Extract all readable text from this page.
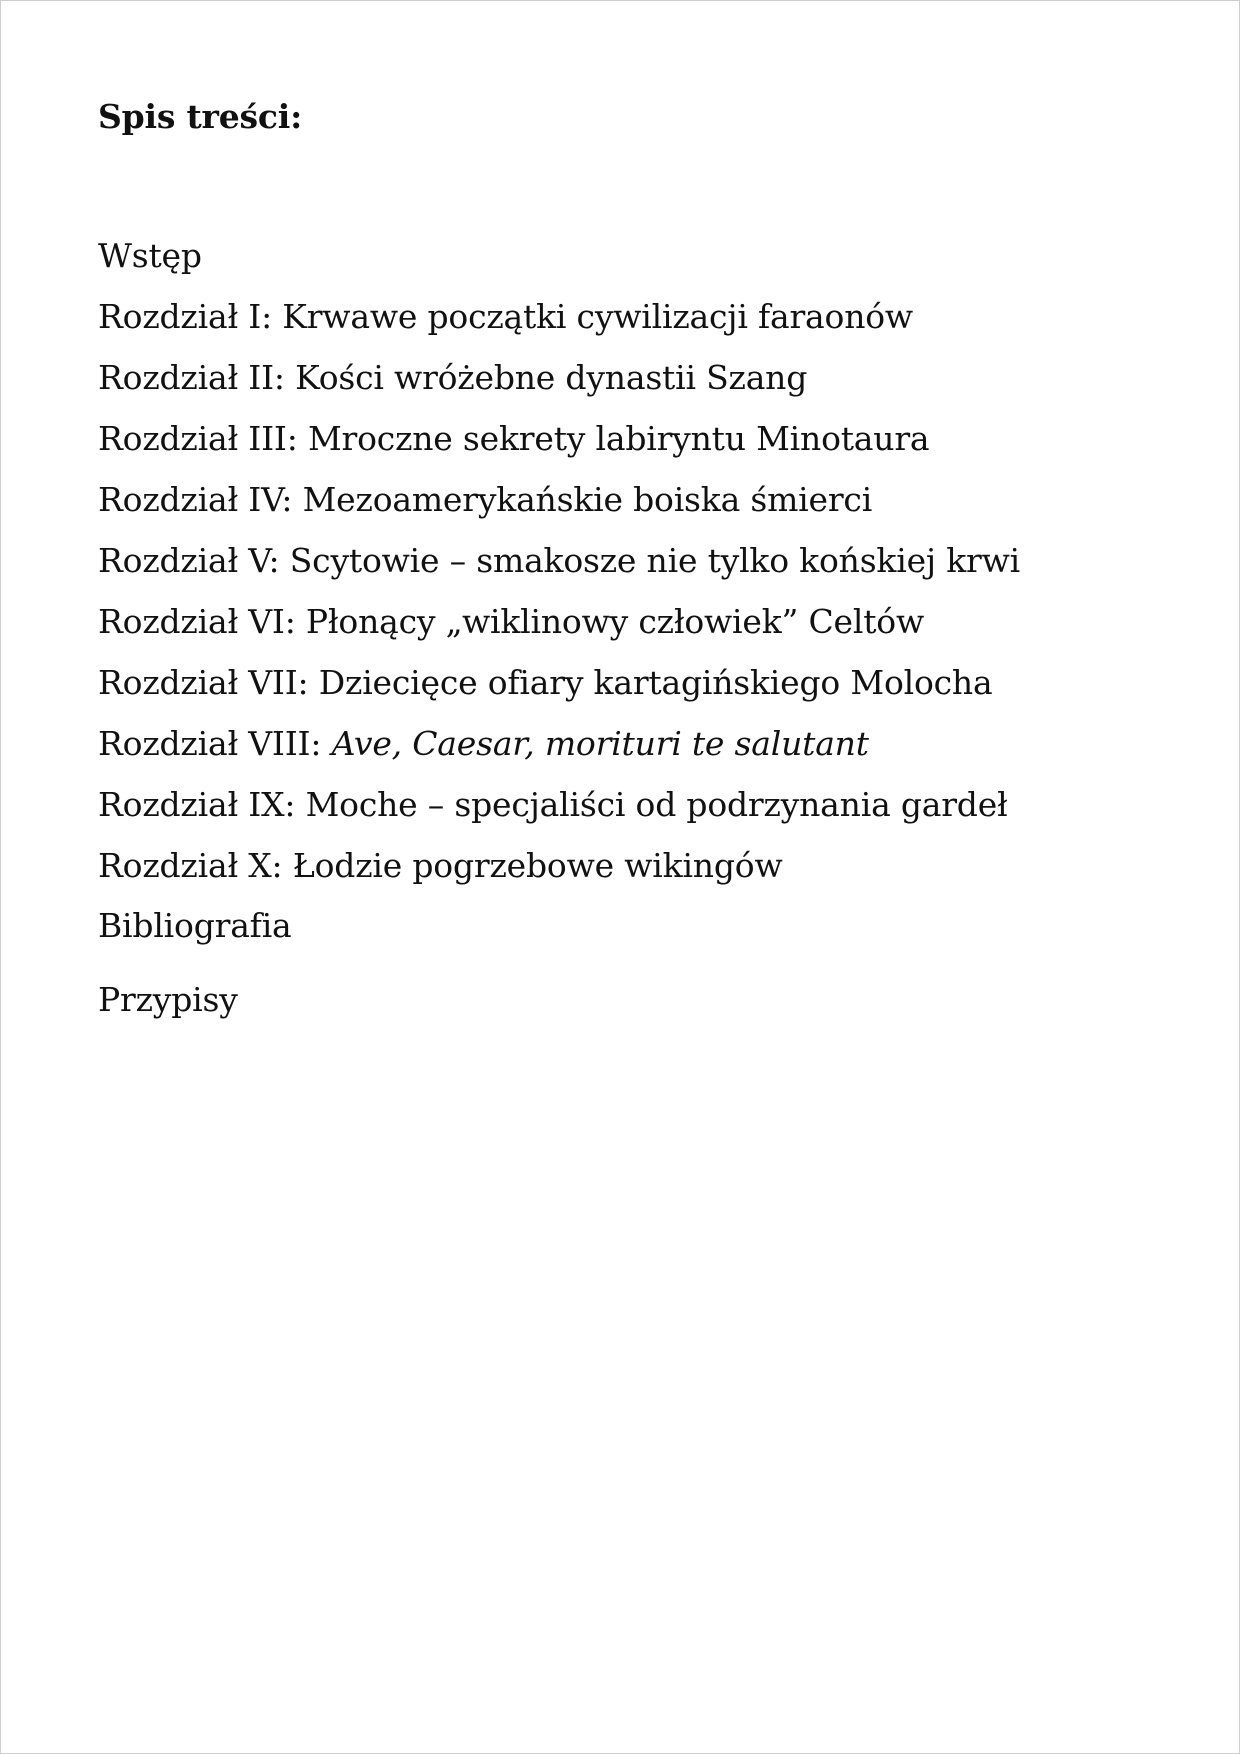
Spis treści:
Wstęp
Rozdział I: Krwawe początki cywilizacji faraonów
Rozdział II: Kości wróżebne dynastii Szang
Rozdział III: Mroczne sekrety labiryntu Minotaura
Rozdział IV: Mezoamerykańskie boiska śmierci
Rozdział V: Scytowie – smakosze nie tylko końskiej krwi
Rozdział VI: Płonący „wiklinowy człowiek” Celtów
Rozdział VII: Dziecięce ofiary kartagińskiego Molocha
Rozdział VIII: Ave, Caesar, morituri te salutant
Rozdział IX: Moche – specjaliści od podrzynania gardeł
Rozdział X: Łodzie pogrzebowe wikingów
Bibliografia
Przypisy
